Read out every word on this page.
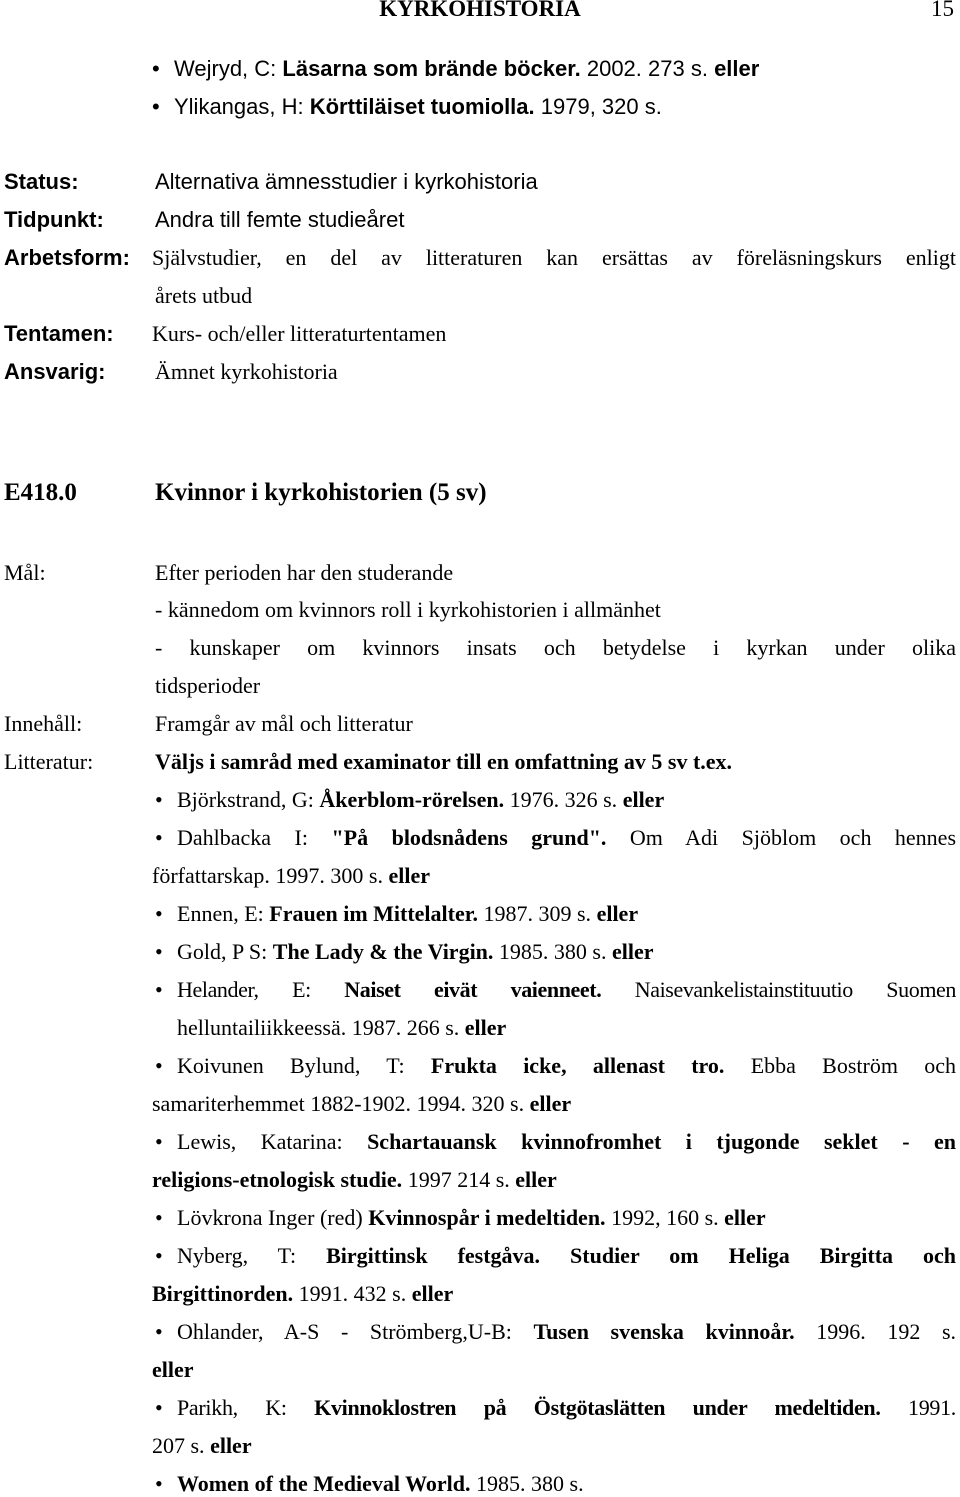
KYRKOHISTORIA	15
• Wejryd, C: Läsarna som brände böcker. 2002. 273 s. eller
• Ylikangas, H: Körttiläiset tuomiolla. 1979, 320 s.
Status:	Alternativa ämnesstudier i kyrkohistoria
Tidpunkt: Andra till femte studieåret
Arbetsform: Självstudier, en del av litteraturen kan ersättas av föreläsningskurs enligt
årets utbud
Tentamen: Kurs- och/eller litteraturtentamen
Ansvarig: Ämnet kyrkohistoria
E418.0	Kvinnor i kyrkohistorien (5 sv)
Mål:	Efter perioden har den studerande
- kännedom om kvinnors roll i kyrkohistorien i allmänhet
- kunskaper om kvinnors insats och betydelse i kyrkan under olika
tidsperioder
Innehåll:	Framgår av mål och litteratur
Litteratur:	Väljs i samråd med examinator till en omfattning av 5 sv t.ex.
• Björkstrand, G: Åkerblom-rörelsen. 1976. 326 s. eller
• Dahlbacka I: "På blodsnådens grund". Om Adi Sjöblom och hennes
författarskap. 1997. 300 s. eller
• Ennen, E: Frauen im Mittelalter. 1987. 309 s. eller
• Gold, P S: The Lady & the Virgin. 1985. 380 s. eller
• Helander, E: Naiset eivät vaienneet. Naisevankelistainstituutio Suomen
helluntailiikkeessä. 1987. 266 s. eller
• Koivunen Bylund, T: Frukta icke, allenast tro. Ebba Boström och
samariterhemmet 1882-1902. 1994. 320 s. eller
• Lewis, Katarina: Schartauansk kvinnofromhet i tjugonde seklet - en
religions-etnologisk studie. 1997 214 s. eller
• Lövkrona Inger (red) Kvinnospår i medeltiden. 1992, 160 s. eller
• Nyberg, T: Birgittinsk festgåva. Studier om Heliga Birgitta och
Birgittinorden. 1991. 432 s. eller
• Ohlander, A-S - Strömberg,U-B: Tusen svenska kvinnoår. 1996. 192 s.
eller
• Parikh, K: Kvinnoklostren på Östgötaslätten under medeltiden. 1991.
207 s. eller
• Women of the Medieval World. 1985. 380 s.
